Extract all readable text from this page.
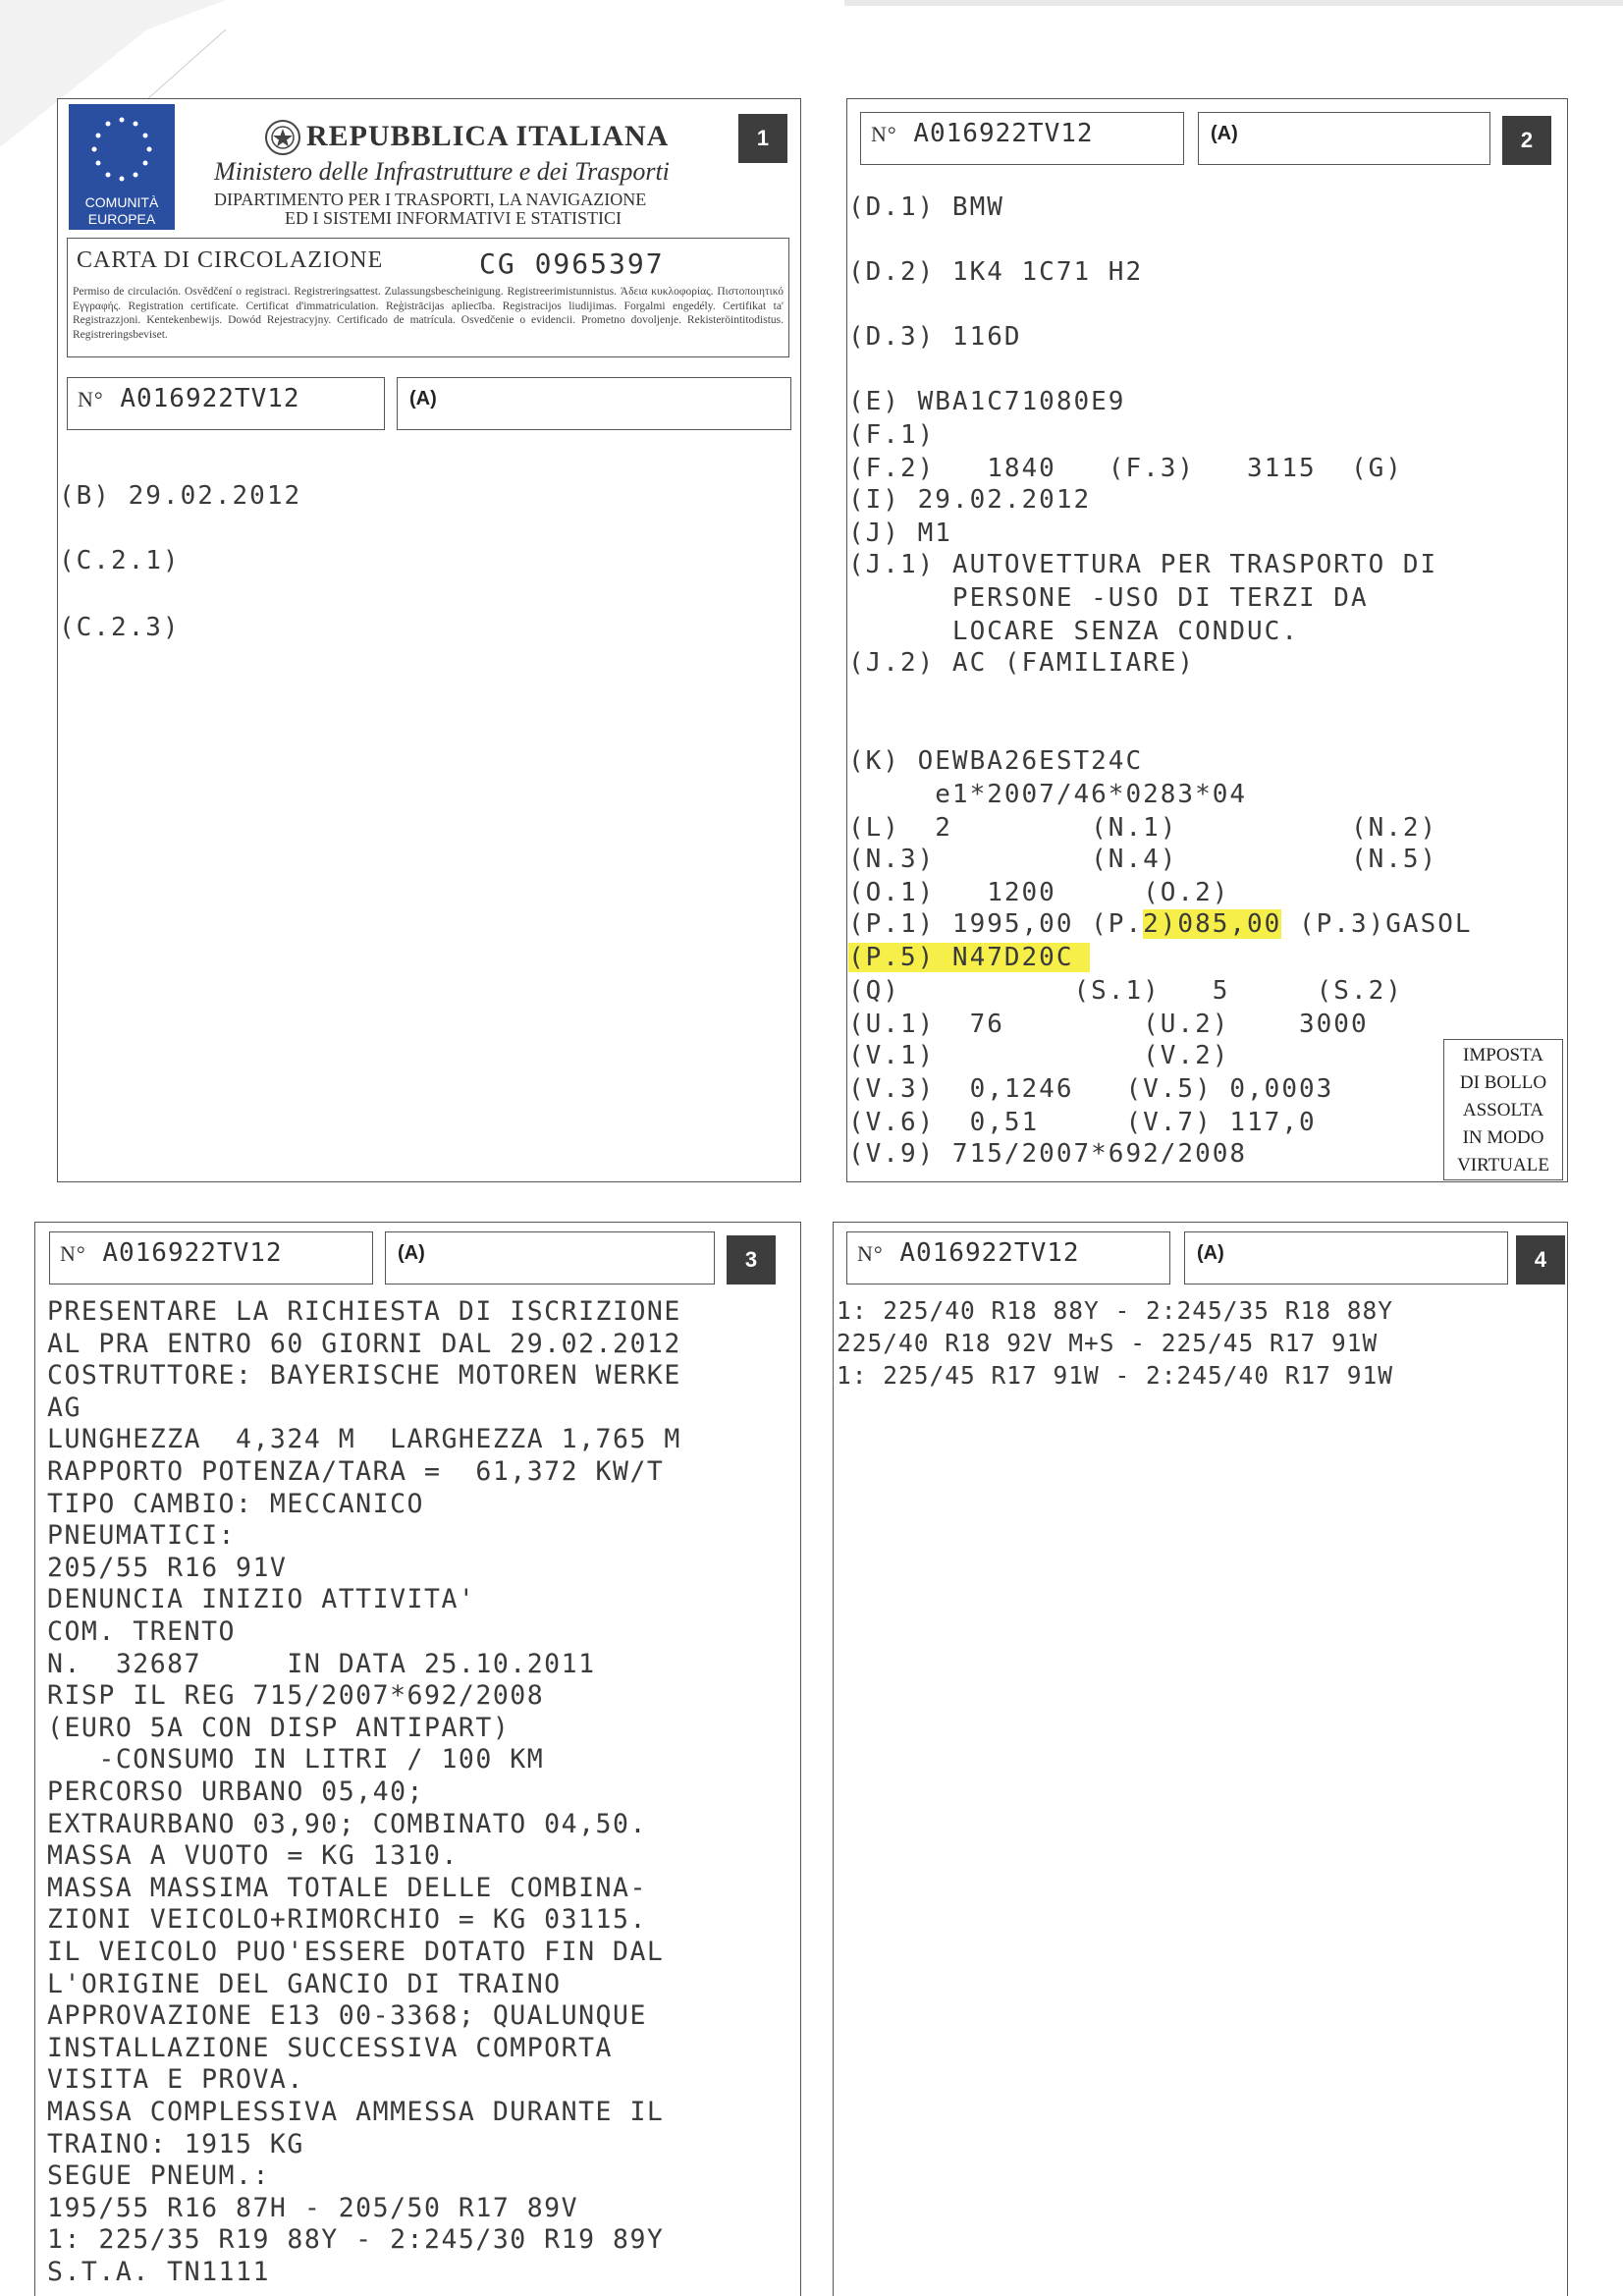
COMUNITÀ
EUROPEA
REPUBBLICA ITALIANA
Ministero delle Infrastrutture e dei Trasporti
DIPARTIMENTO PER I TRASPORTI, LA NAVIGAZIONE
ED I SISTEMI INFORMATIVI E STATISTICI
1
CARTA DI CIRCOLAZIONE	CG 0965397
Permiso de circulación. Osvědčení o registraci. Registreringsattest. Zulassungsbescheinigung. Registreerimistunnistus. Άδεια κυκλοφορίας. Πιστοποιητικό Εγγραφής. Registration certificate. Certificat d'immatriculation. Reģistrācijas apliecība. Registracijos liudijimas. Forgalmi engedély. Certifikat ta' Registrazzjoni. Kentekenbewijs. Dowód Rejestracyjny. Certificado de matrícula. Osvedčenie o evidencii. Prometno dovoljenje. Rekisteröintitodistus. Registreringsbeviset.
N° A016922TV12	(A)
(B) 29.02.2012
(C.2.1)
(C.2.3)
N° A016922TV12	(A)	2
(D.1) BMW
(D.2) 1K4 1C71 H2
(D.3) 116D
(E) WBA1C71080E9
(F.1)
(F.2)   1840   (F.3)   3115  (G)
(I) 29.02.2012
(J) M1
(J.1) AUTOVETTURA PER TRASPORTO DI
PERSONE -USO DI TERZI DA
LOCARE SENZA CONDUC.
(J.2) AC (FAMILIARE)
(K) OEWBA26EST24C
e1*2007/46*0283*04
(L)  2        (N.1)          (N.2)
(N.3)         (N.4)          (N.5)
(O.1)   1200     (O.2)
(P.1) 1995,00 (P.2)085,00 (P.3)GASOL
(P.5) N47D20C
(Q)          (S.1)   5     (S.2)
(U.1)  76        (U.2)    3000
(V.1)            (V.2)
(V.3)  0,1246   (V.5) 0,0003
(V.6)  0,51     (V.7) 117,0
(V.9) 715/2007*692/2008
IMPOSTA
DI BOLLO
ASSOLTA
IN MODO
VIRTUALE
N° A016922TV12	(A)	3
PRESENTARE LA RICHIESTA DI ISCRIZIONE
AL PRA ENTRO 60 GIORNI DAL 29.02.2012
COSTRUTTORE: BAYERISCHE MOTOREN WERKE
AG
LUNGHEZZA  4,324 M  LARGHEZZA 1,765 M
RAPPORTO POTENZA/TARA =  61,372 KW/T
TIPO CAMBIO: MECCANICO
PNEUMATICI:
205/55 R16 91V
DENUNCIA INIZIO ATTIVITA'
COM. TRENTO
N.  32687     IN DATA 25.10.2011
RISP IL REG 715/2007*692/2008
(EURO 5A CON DISP ANTIPART)
-CONSUMO IN LITRI / 100 KM
PERCORSO URBANO 05,40;
EXTRAURBANO 03,90; COMBINATO 04,50.
MASSA A VUOTO = KG 1310.
MASSA MASSIMA TOTALE DELLE COMBINA-
ZIONI VEICOLO+RIMORCHIO = KG 03115.
IL VEICOLO PUO'ESSERE DOTATO FIN DAL
L'ORIGINE DEL GANCIO DI TRAINO
APPROVAZIONE E13 00-3368; QUALUNQUE
INSTALLAZIONE SUCCESSIVA COMPORTA
VISITA E PROVA.
MASSA COMPLESSIVA AMMESSA DURANTE IL
TRAINO: 1915 KG
SEGUE PNEUM.:
195/55 R16 87H - 205/50 R17 89V
1: 225/35 R19 88Y - 2:245/30 R19 89Y
S.T.A. TN1111
N° A016922TV12	(A)	4
1: 225/40 R18 88Y - 2:245/35 R18 88Y
225/40 R18 92V M+S - 225/45 R17 91W
1: 225/45 R17 91W - 2:245/40 R17 91W
